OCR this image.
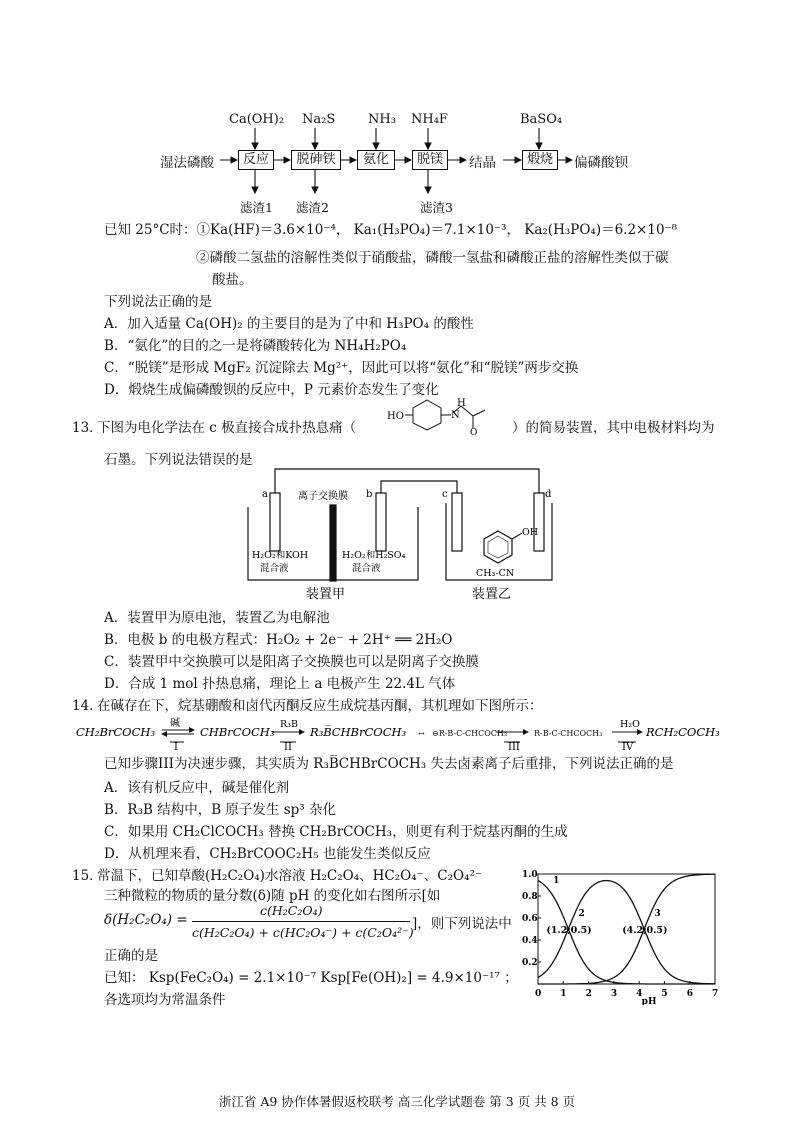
Ca(OH)₂ Na₂S	NH₃ NH₄F	BaSO₄
湿法磷酸	反应	脱砷铁	氨化	脱镁	结晶	煅烧	偏磷酸钡
滤渣1 滤渣2	滤渣3
已知 25°C时：①Ka(HF)＝3.6×10⁻⁴， Ka₁(H₃PO₄)＝7.1×10⁻³， Ka₂(H₃PO₄)＝6.2×10⁻⁸
②磷酸二氢盐的溶解性类似于硝酸盐，磷酸一氢盐和磷酸正盐的溶解性类似于碳
酸盐。
下列说法正确的是
A．加入适量 Ca(OH)₂ 的主要目的是为了中和 H₃PO₄ 的酸性
B．“氨化”的目的之一是将磷酸转化为 NH₄H₂PO₄
C．“脱镁”是形成 MgF₂ 沉淀除去 Mg²⁺，因此可以将“氨化”和“脱镁”两步交换
D．煅烧生成偏磷酸钡的反应中，P 元素价态发生了变化
13．
下图为电化学法在 c 极直接合成扑热息痛（
HO
H
N
O	）的简易装置，其中电极材料均为
石墨。下列说法错误的是
a	b	c	d
离子交换膜
H₂O₂和KOH
混合液
H₂O₂和H₂SO₄
混合液
OH
CH₃-CN
装置甲	装置乙
A．装置甲为原电池，装置乙为电解池
B．电极 b 的电极方程式：H₂O₂ + 2e⁻ + 2H⁺ ══ 2H₂O
C．装置甲中交换膜可以是阳离子交换膜也可以是阴离子交换膜
D．合成 1 mol 扑热息痛，理论上 a 电极产生 22.4L 气体
14．
在碱存在下，烷基硼酸和卤代丙酮反应生成烷基丙酮，其机理如下图所示：
CH₂BrCOCH₃
碱
I
CHBrCOCH₃
R₃B
II
R₃B̅CHBrCOCH₃
III
H₂O
IV
RCH₂COCH₃
↔ ⊖R-B-C-CHCOCH₃	R-B-C-CHCOCH₃
已知步骤III为决速步骤，其实质为 R₃B̅CHBrCOCH₃ 失去卤素离子后重排，下列说法正确的是
A．该有机反应中，碱是催化剂
B．R₃B 结构中，B 原子发生 sp³ 杂化
C．如果用 CH₂ClCOCH₃ 替换 CH₂BrCOCH₃，则更有利于烷基丙酮的生成
D．从机理来看，CH₂BrCOOC₂H₅ 也能发生类似反应
15．
常温下，已知草酸(H₂C₂O₄)水溶液 H₂C₂O₄、HC₂O₄⁻、C₂O₄²⁻
三种微粒的物质的量分数(δ)随 pH 的变化如右图所示[如
δ(H₂C₂O₄) =
c(H₂C₂O₄)
c(H₂C₂O₄) + c(HC₂O₄⁻) + c(C₂O₄²⁻)
]，则下列说法中
正确的是
已知： Ksp(FeC₂O₄) = 2.1×10⁻⁷ Ksp[Fe(OH)₂] = 4.9×10⁻¹⁷ ；
各选项均为常温条件	0 1 2 3 4 5 6 7
0.2
0.4
0.6
0.8
1.0
pH
1
2	3
(1.2,0.5)	(4.2,0.5)
浙江省 A9 协作体暑假返校联考 高三化学试题卷 第 3 页 共 8 页
